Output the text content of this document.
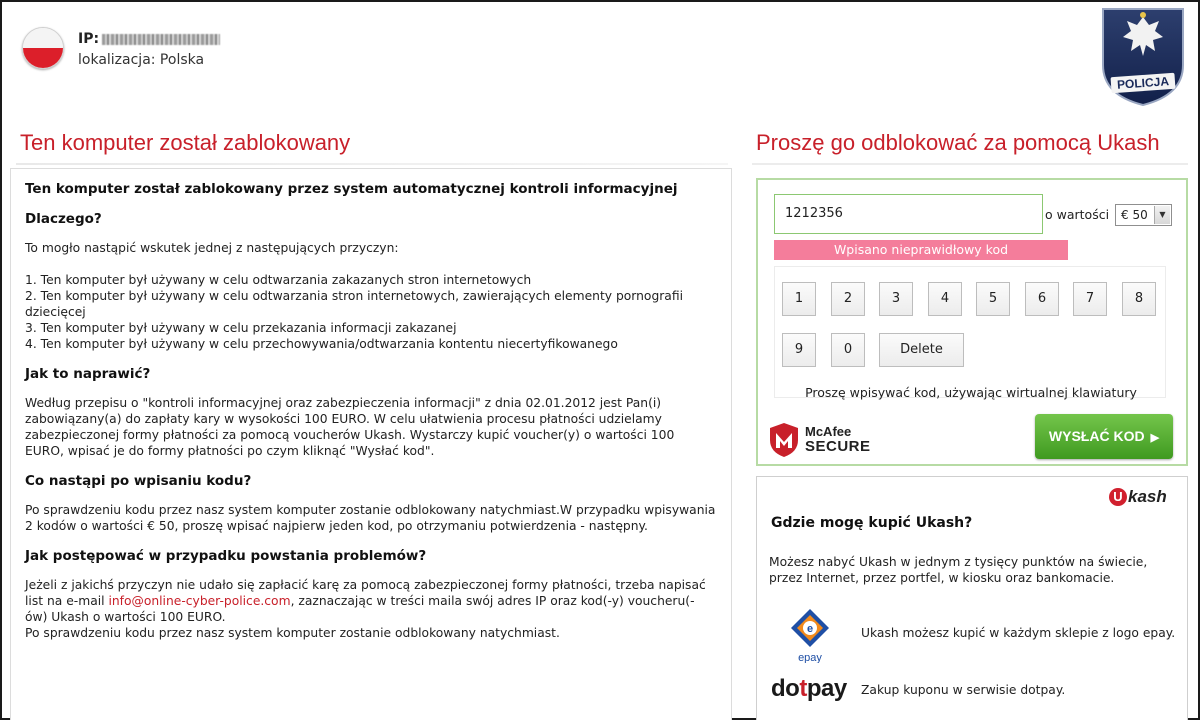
IP:
lokalizacja: Polska
POLICJA
Ten komputer został zablokowany	Proszę go odblokować za pomocą Ukash
Ten komputer został zablokowany przez system automatycznej kontroli informacyjnej
Dlaczego?

To mogło nastąpić wskutek jednej z następujących przyczyn:

1. Ten komputer był używany w celu odtwarzania zakazanych stron internetowych

2. Ten komputer był używany w celu odtwarzania stron internetowych, zawierających elementy pornografii dziecięcej

3. Ten komputer był używany w celu przekazania informacji zakazanej

4. Ten komputer był używany w celu przechowywania/odtwarzania kontentu niecertyfikowanego

Jak to naprawić?

Według przepisu o "kontroli informacyjnej oraz zabezpieczenia informacji" z dnia 02.01.2012 jest Pan(i) zabowiązany(a) do zapłaty kary w wysokości 100 EURO. W celu ułatwienia procesu płatności udzielamy zabezpieczonej formy płatności za pomocą voucherów Ukash. Wystarczy kupić voucher(y) o wartości 100 EURO, wpisać je do formy płatności po czym kliknąć "Wysłać kod".

Co nastąpi po wpisaniu kodu?

Po sprawdzeniu kodu przez nasz system komputer zostanie odblokowany natychmiast.W przypadku wpisywania 2 kodów o wartości € 50, proszę wpisać najpierw jeden kod, po otrzymaniu potwierdzenia - następny.

Jak postępować w przypadku powstania problemów?

Jeżeli z jakichś przyczyn nie udało się zapłacić karę za pomocą zabezpieczonej formy płatności, trzeba napisać list na e-mail info@online-cyber-police.com, zaznaczając w treści maila swój adres IP oraz kod(-y) voucheru(-ów) Ukash o wartości 100 EURO.

Po sprawdzeniu kodu przez nasz system komputer zostanie odblokowany natychmiast.

1212356	o wartości € 50	▼
Wpisano nieprawidłowy kod
1	2	3	4	5	6	7	8
9	0	Delete
Proszę wpisywać kod, używając wirtualnej klawiatury
McAfee
SECURE
WYSŁAĆ KOD ▶
U kash
Gdzie mogę kupić Ukash?
Możesz nabyć Ukash w jednym z tysięcy punktów na świecie, przez Internet, przez portfel, w kiosku oraz bankomacie.
e
epay
Ukash możesz kupić w każdym sklepie z logo epay.
dotpay Zakup kuponu w serwisie dotpay.
